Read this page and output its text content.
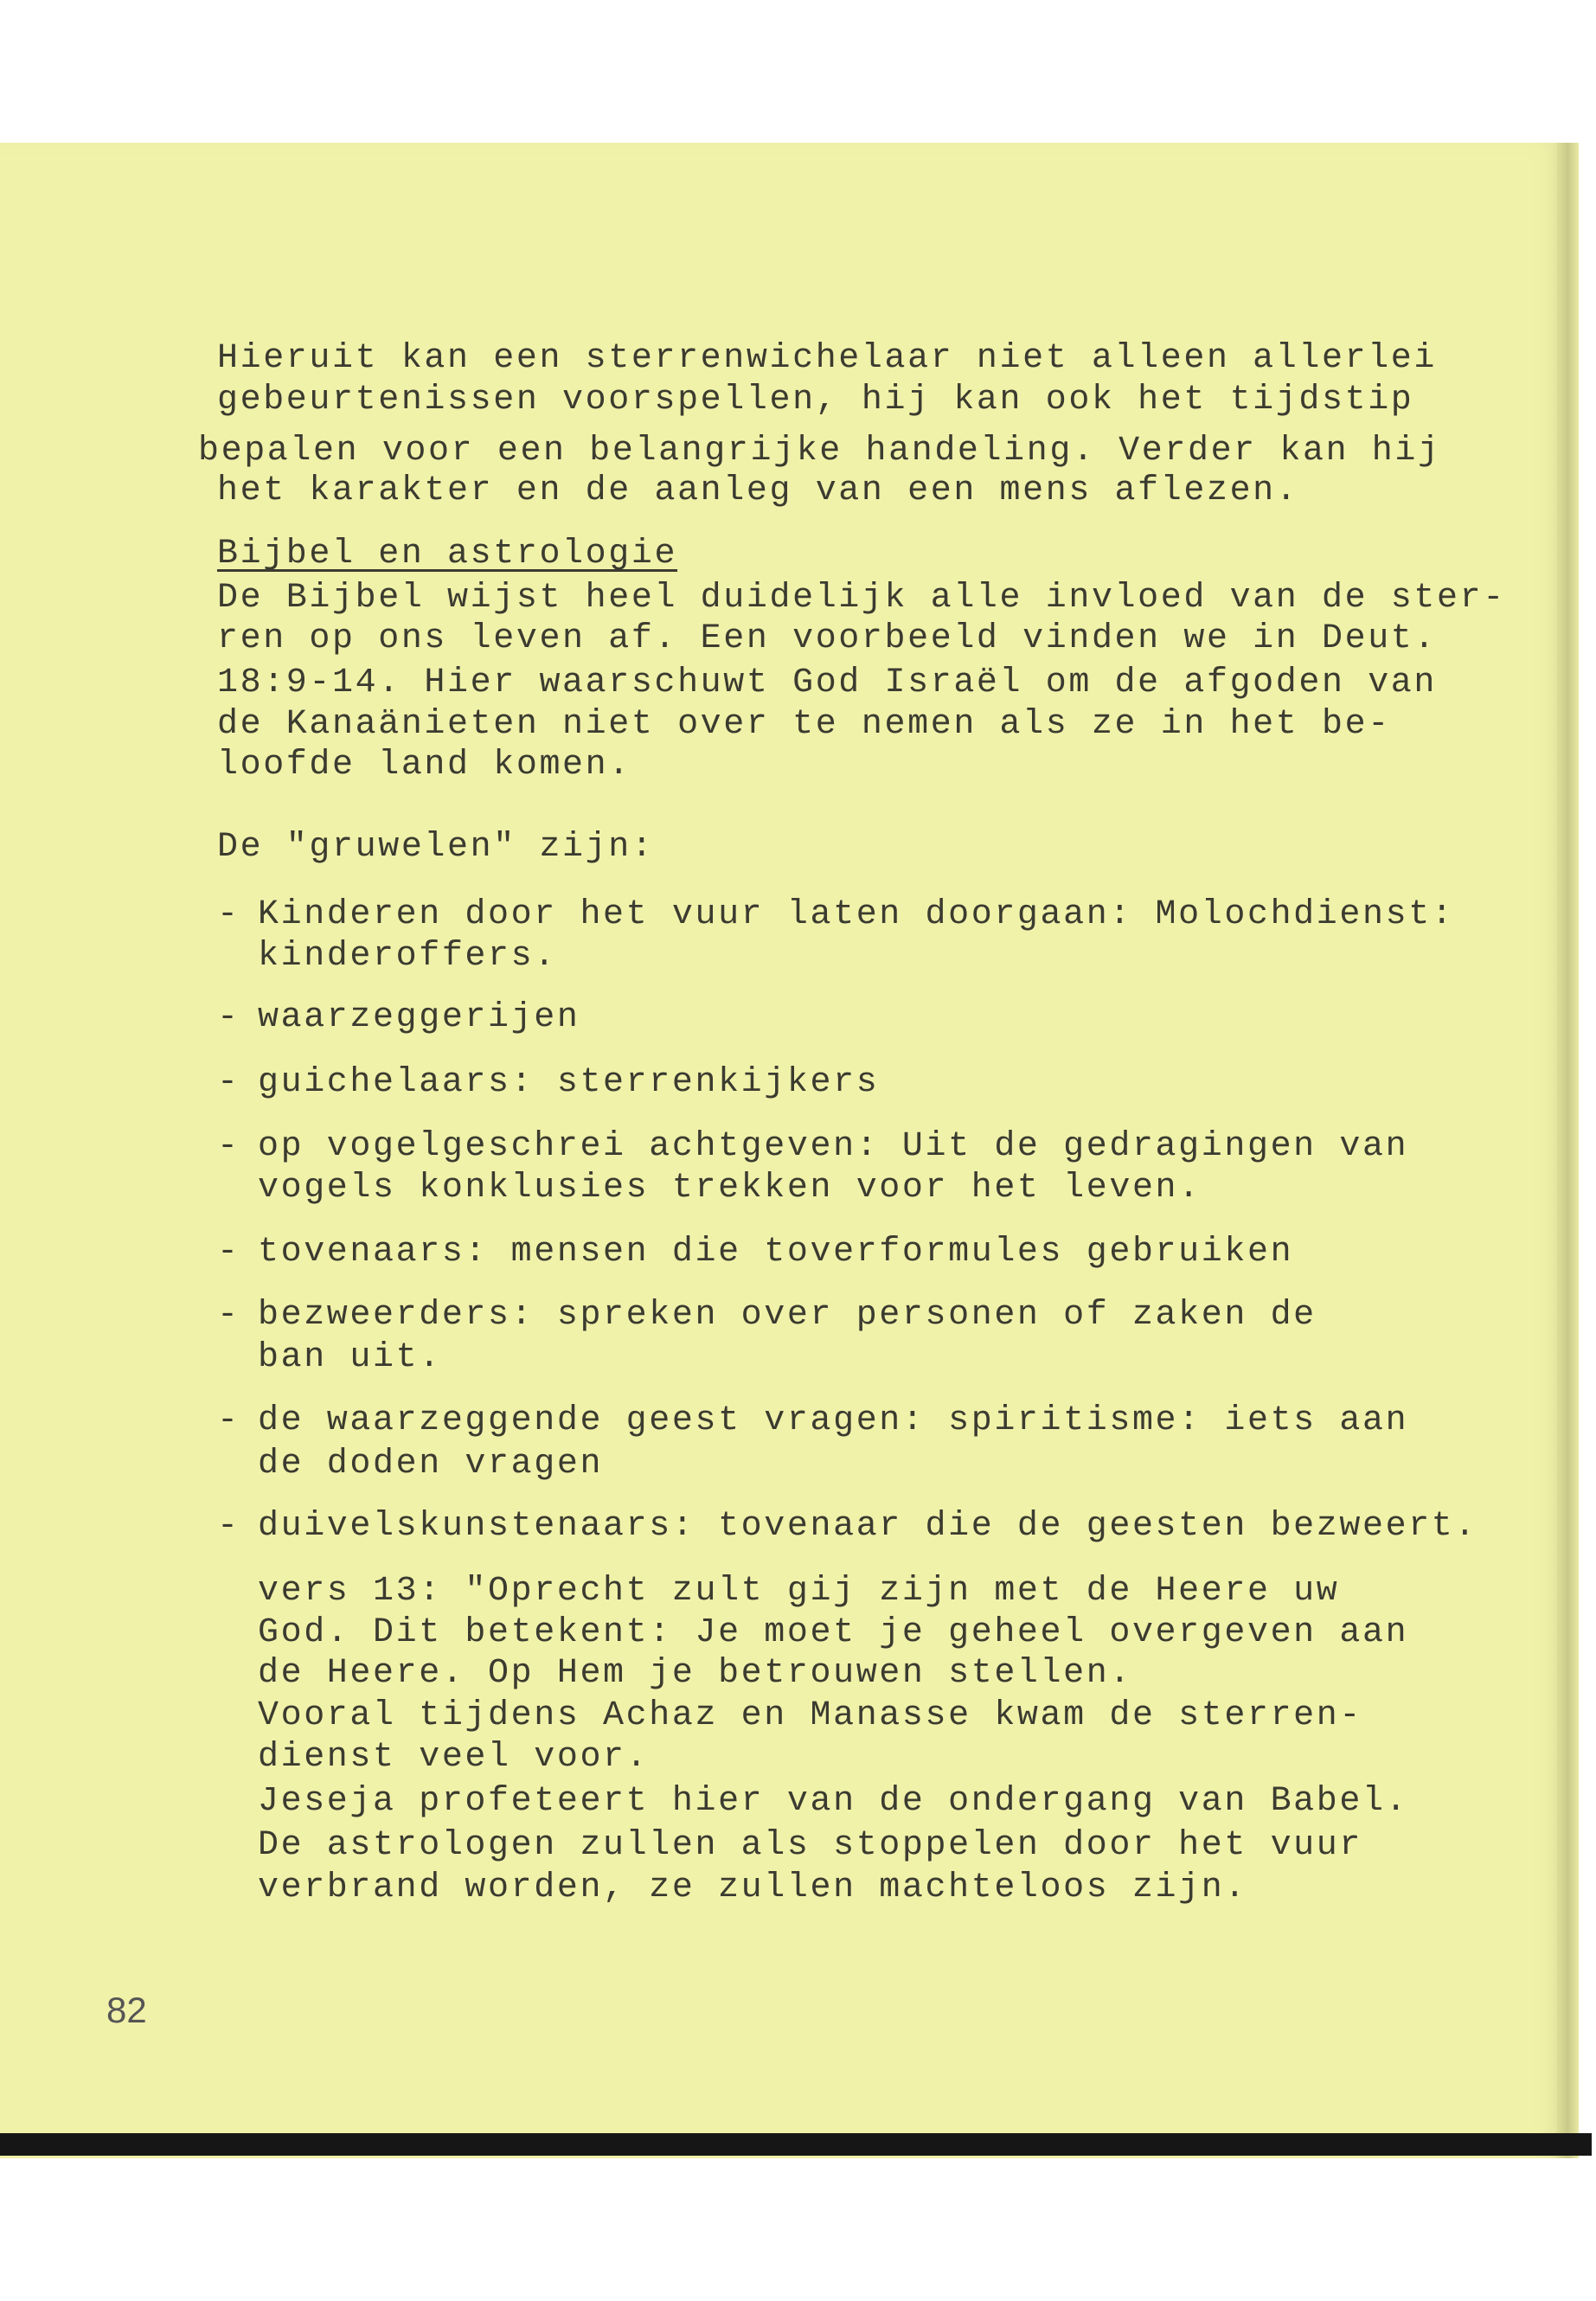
Hieruit kan een sterrenwichelaar niet alleen allerlei
gebeurtenissen voorspellen, hij kan ook het tijdstip
bepalen voor een belangrijke handeling. Verder kan hij
het karakter en de aanleg van een mens aflezen.
Bijbel en astrologie
De Bijbel wijst heel duidelijk alle invloed van de ster-
ren op ons leven af. Een voorbeeld vinden we in Deut.
18:9-14. Hier waarschuwt God Israël om de afgoden van
de Kanaänieten niet over te nemen als ze in het be-
loofde land komen.
De "gruwelen" zijn:
- Kinderen door het vuur laten doorgaan: Molochdienst:
kinderoffers.
- waarzeggerijen
- guichelaars: sterrenkijkers
- op vogelgeschrei achtgeven: Uit de gedragingen van
vogels konklusies trekken voor het leven.
- tovenaars: mensen die toverformules gebruiken
- bezweerders: spreken over personen of zaken de
ban uit.
- de waarzeggende geest vragen: spiritisme: iets aan
de doden vragen
- duivelskunstenaars: tovenaar die de geesten bezweert.
vers 13: "Oprecht zult gij zijn met de Heere uw
God. Dit betekent: Je moet je geheel overgeven aan
de Heere. Op Hem je betrouwen stellen.
Vooral tijdens Achaz en Manasse kwam de sterren-
dienst veel voor.
Jeseja profeteert hier van de ondergang van Babel.
De astrologen zullen als stoppelen door het vuur
verbrand worden, ze zullen machteloos zijn.
82
